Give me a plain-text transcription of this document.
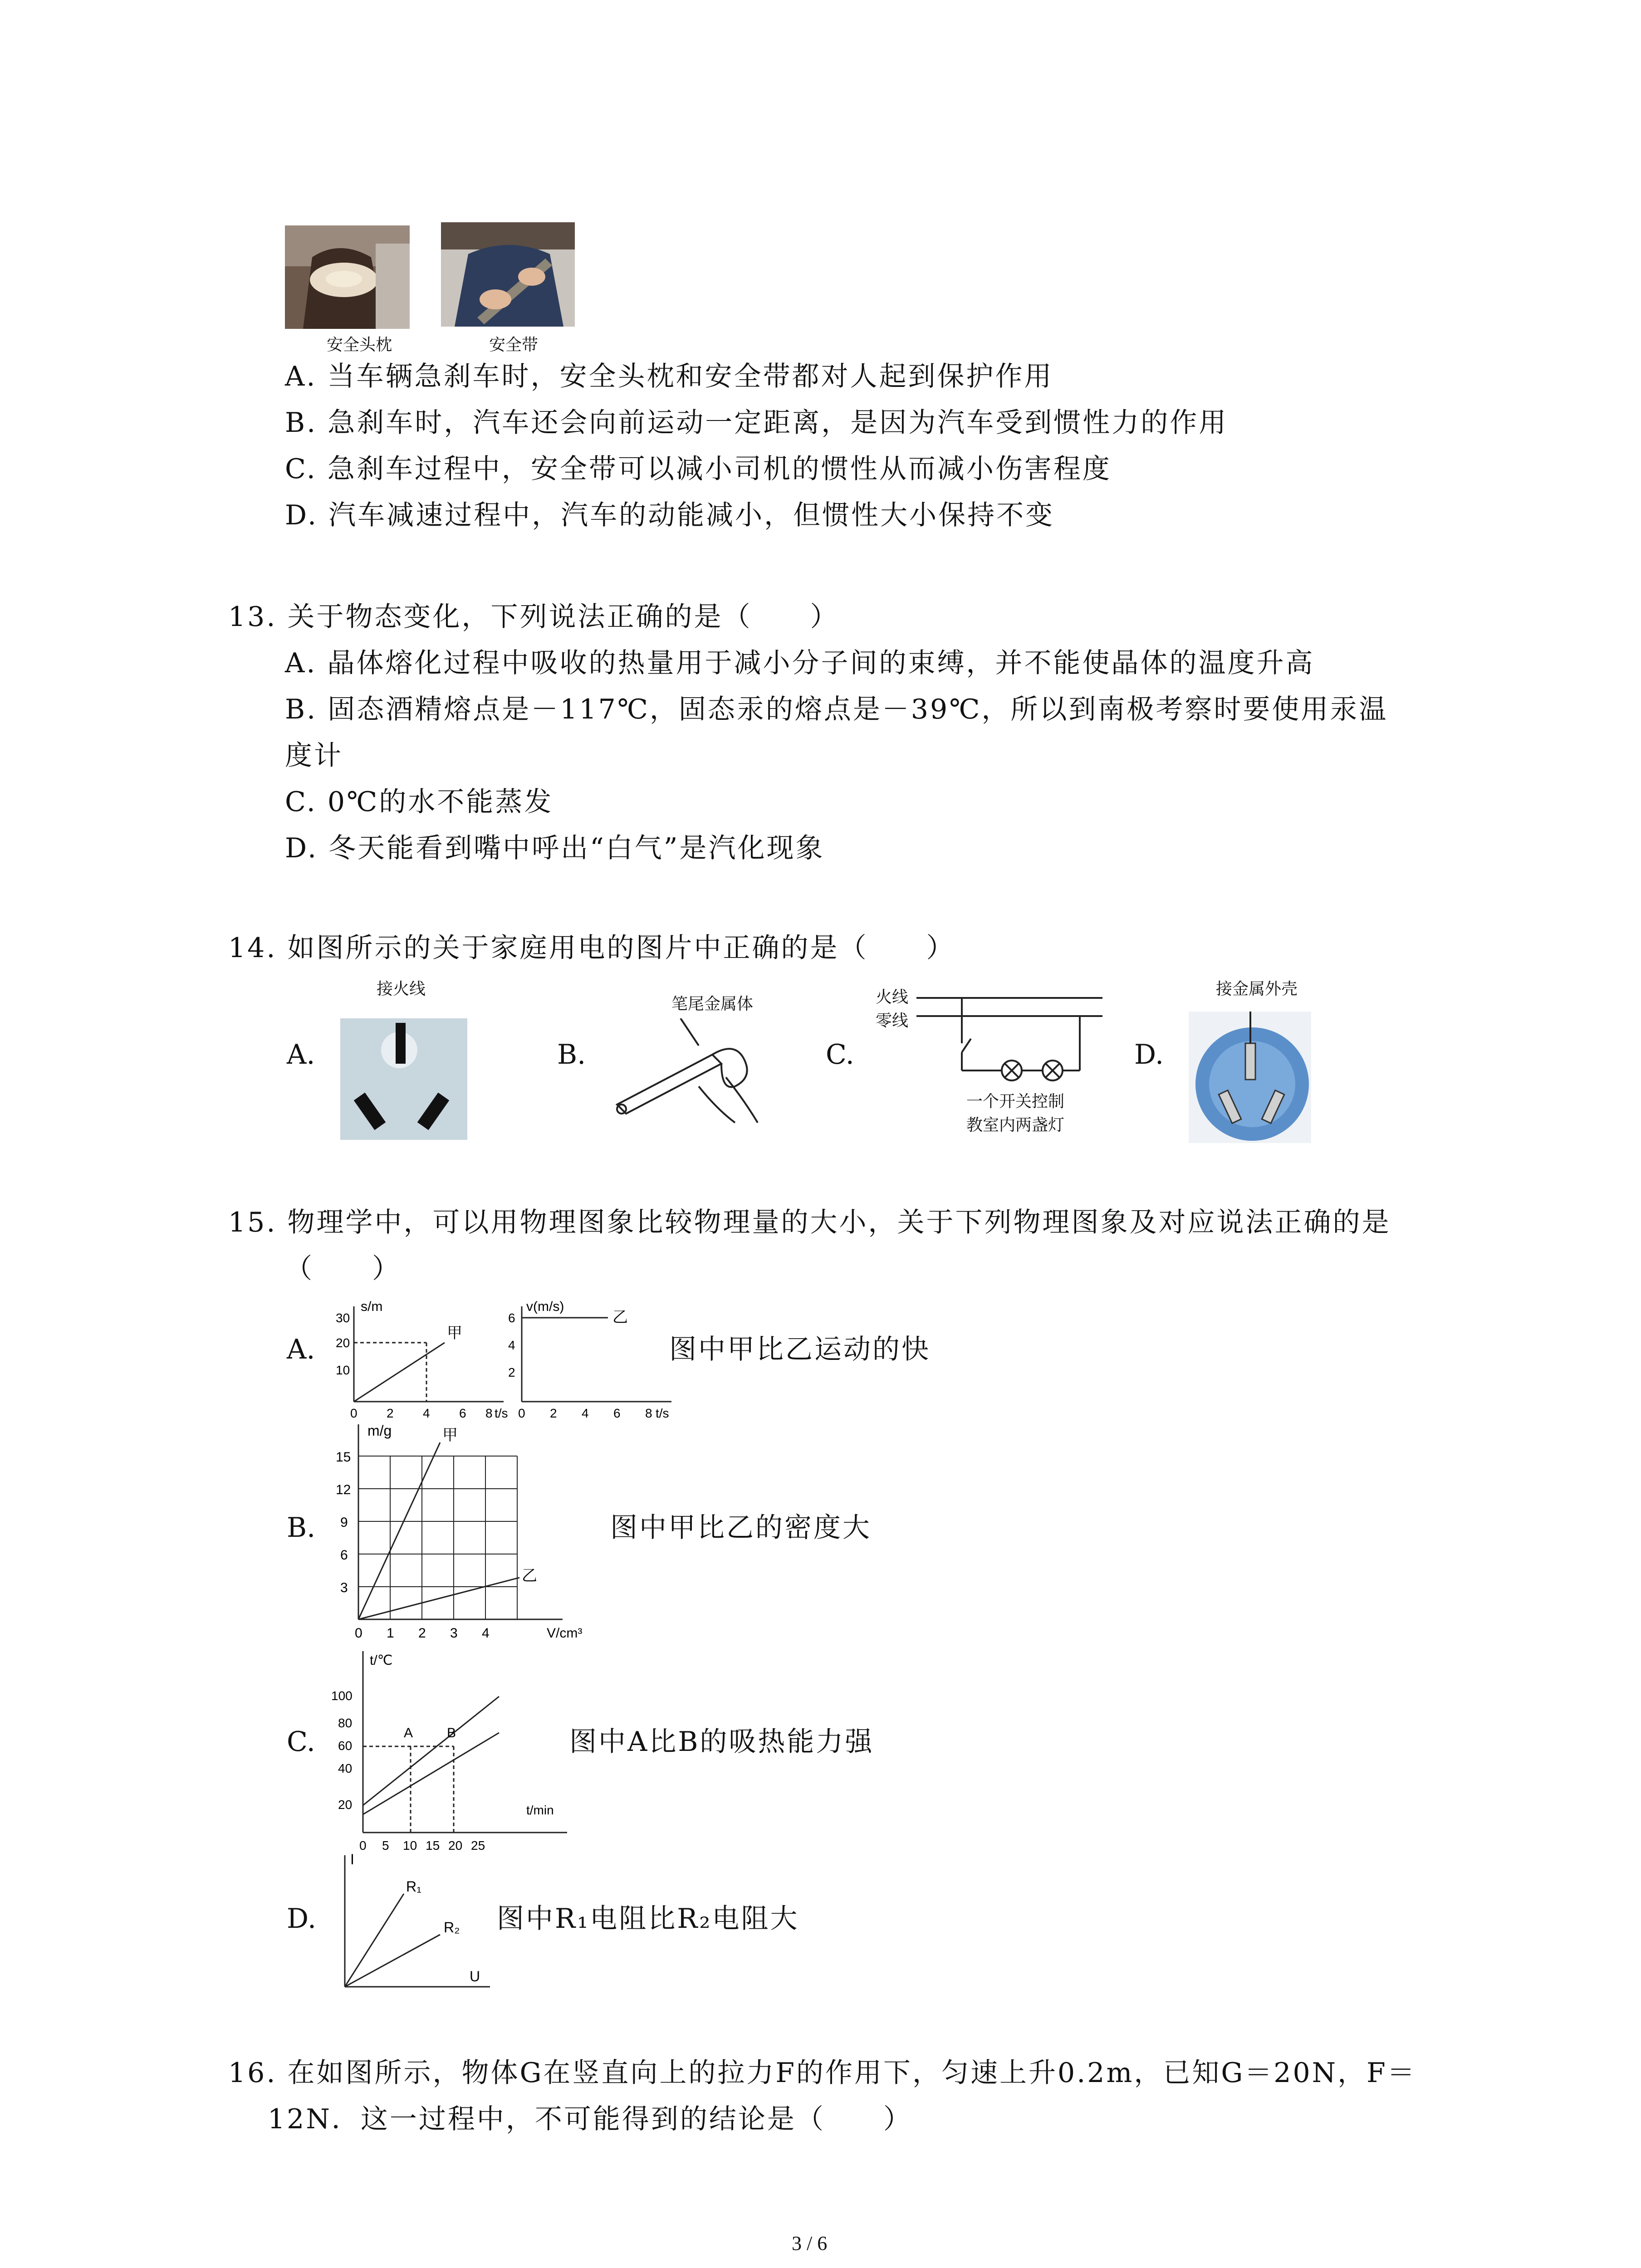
安全头枕	安全带
A. 当车辆急刹车时，安全头枕和安全带都对人起到保护作用
B. 急刹车时，汽车还会向前运动一定距离，是因为汽车受到惯性力的作用
C. 急刹车过程中，安全带可以减小司机的惯性从而减小伤害程度
D. 汽车减速过程中，汽车的动能减小，但惯性大小保持不变
13. 关于物态变化，下列说法正确的是（　　）
A. 晶体熔化过程中吸收的热量用于减小分子间的束缚，并不能使晶体的温度升高
B. 固态酒精熔点是－117℃，固态汞的熔点是－39℃，所以到南极考察时要使用汞温
度计
C. 0℃的水不能蒸发
D. 冬天能看到嘴中呼出“白气”是汽化现象
14. 如图所示的关于家庭用电的图片中正确的是（　　）
A.
接火线
B.
笔尾金属体
C.
火线
零线
一个开关控制
教室内两盏灯
D.
接金属外壳
15. 物理学中，可以用物理图象比较物理量的大小，关于下列物理图象及对应说法正确的是
（　　）
A.
s/m
甲
30
20
10
0 2 4 6 8 t/s
v(m/s)
乙
6
4
2
0 2 4 6 8 t/s
图中甲比乙运动的快
B.
m/g	甲
乙
15
12
9
6
3
0 1 2 3 4	V/cm³
图中甲比乙的密度大
C.
t/℃
A B
100
80
60
40
20
0 5 10 15 20 25
t/min
图中A比B的吸热能力强
D.
I
R₁
R₂
U
图中R₁电阻比R₂电阻大
16. 在如图所示，物体G在竖直向上的拉力F的作用下，匀速上升0.2m，已知G＝20N，F＝
12N．这一过程中，不可能得到的结论是（　　）
3 / 6
